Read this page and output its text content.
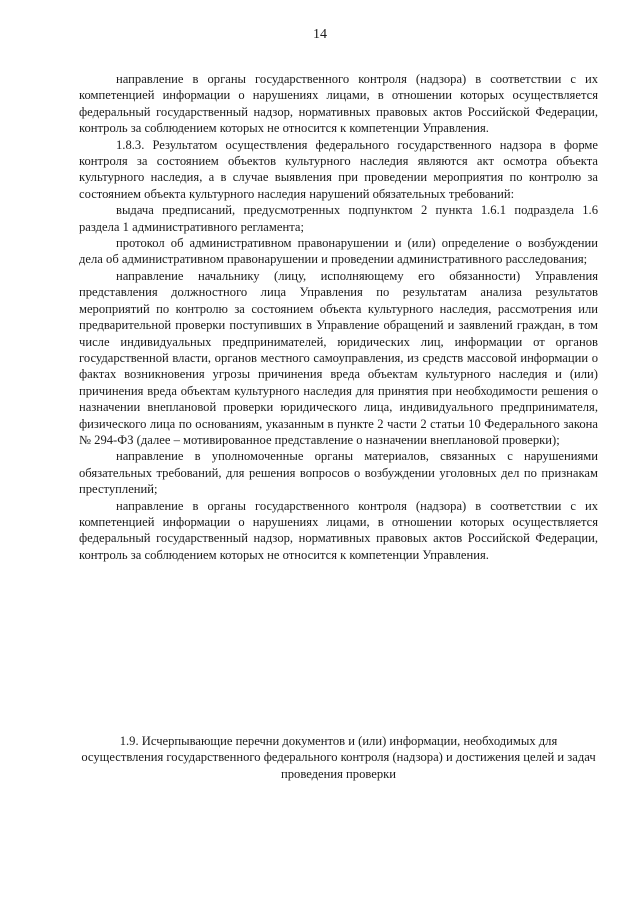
14

направление в органы государственного контроля (надзора) в соответствии с их компетенцией информации о нарушениях лицами, в отношении которых осуществляется федеральный государственный надзор, нормативных правовых актов Российской Федерации, контроль за соблюдением которых не относится к компетенции Управления.

1.8.3. Результатом осуществления федерального государственного надзора в форме контроля за состоянием объектов культурного наследия являются акт осмотра объекта культурного наследия, а в случае выявления при проведении мероприятия по контролю за состоянием объекта культурного наследия нарушений обязательных требований:

выдача предписаний, предусмотренных подпунктом 2 пункта 1.6.1 подраздела 1.6 раздела 1 административного регламента;

протокол об административном правонарушении и (или) определение о возбуждении дела об административном правонарушении и проведении административного расследования;

направление начальнику (лицу, исполняющему его обязанности) Управления представления должностного лица Управления по результатам анализа результатов мероприятий по контролю за состоянием объекта культурного наследия, рассмотрения или предварительной проверки поступивших в Управление обращений и заявлений граждан, в том числе индивидуальных предпринимателей, юридических лиц, информации от органов государственной власти, органов местного самоуправления, из средств массовой информации о фактах возникновения угрозы причинения вреда объектам культурного наследия и (или) причинения вреда объектам культурного наследия для принятия при необходимости решения о назначении внеплановой проверки юридического лица, индивидуального предпринимателя, физического лица по основаниям, указанным в пункте 2 части 2 статьи 10 Федерального закона № 294-ФЗ (далее – мотивированное представление о назначении внеплановой проверки);

направление в уполномоченные органы материалов, связанных с нарушениями обязательных требований, для решения вопросов о возбуждении уголовных дел по признакам преступлений;

направление в органы государственного контроля (надзора) в соответствии с их компетенцией информации о нарушениях лицами, в отношении которых осуществляется федеральный государственный надзор, нормативных правовых актов Российской Федерации, контроль за соблюдением которых не относится к компетенции Управления.

1.9. Исчерпывающие перечни документов и (или) информации, необходимых для осуществления государственного федерального контроля (надзора) и достижения целей и задач проведения проверки
